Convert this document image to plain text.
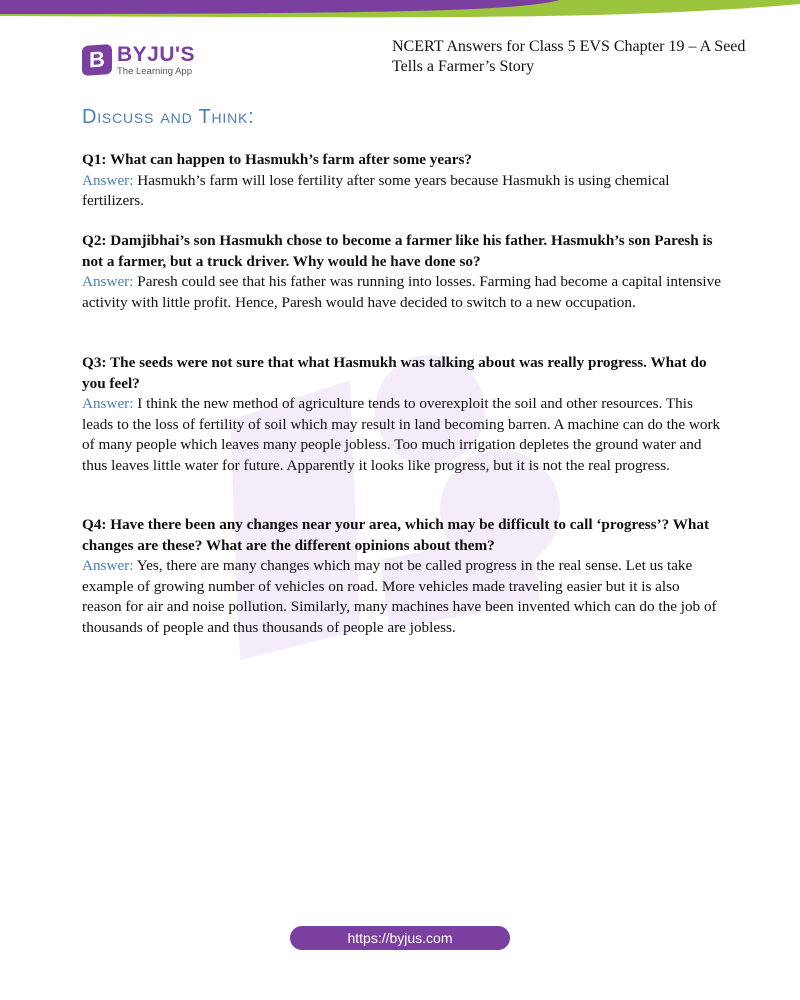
B BYJU'S
The Learning App
NCERT Answers for Class 5 EVS Chapter 19 – A Seed Tells a Farmer’s Story
Discuss and Think:
Q1: What can happen to Hasmukh’s farm after some years?
Answer: Hasmukh’s farm will lose fertility after some years because Hasmukh is using chemical fertilizers.
Q2: Damjibhai’s son Hasmukh chose to become a farmer like his father. Hasmukh’s son Paresh is not a farmer, but a truck driver. Why would he have done so?
Answer: Paresh could see that his father was running into losses. Farming had become a capital intensive activity with little profit. Hence, Paresh would have decided to switch to a new occupation.
Q3: The seeds were not sure that what Hasmukh was talking about was really progress. What do you feel?
Answer: I think the new method of agriculture tends to overexploit the soil and other resources. This leads to the loss of fertility of soil which may result in land becoming barren. A machine can do the work of many people which leaves many people jobless. Too much irrigation depletes the ground water and thus leaves little water for future. Apparently it looks like progress, but it is not the real progress.
Q4: Have there been any changes near your area, which may be difficult to call ‘progress’? What changes are these? What are the different opinions about them?
Answer: Yes, there are many changes which may not be called progress in the real sense. Let us take example of growing number of vehicles on road. More vehicles made traveling easier but it is also reason for air and noise pollution. Similarly, many machines have been invented which can do the job of thousands of people and thus thousands of people are jobless.
https://byjus.com
